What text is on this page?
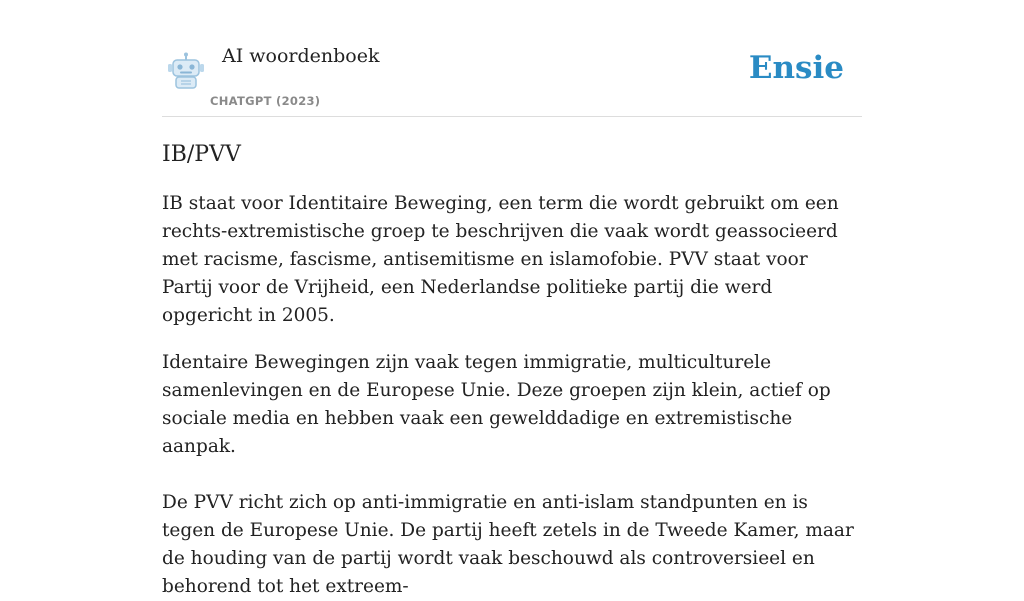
AI woordenboek
CHATGPT (2023)
Ensie
IB/PVV

IB staat voor Identitaire Beweging, een term die wordt gebruikt om een rechts-extremistische groep te beschrijven die vaak wordt geassocieerd met racisme, fascisme, antisemitisme en islamofobie. PVV staat voor Partij voor de Vrijheid, een Nederlandse politieke partij die werd opgericht in 2005.

Identaire Bewegingen zijn vaak tegen immigratie, multiculturele samenlevingen en de Europese Unie. Deze groepen zijn klein, actief op sociale media en hebben vaak een gewelddadige en extremistische aanpak.

De PVV richt zich op anti-immigratie en anti-islam standpunten en is tegen de Europese Unie. De partij heeft zetels in de Tweede Kamer, maar de houding van de partij wordt vaak beschouwd als controversieel en behorend tot het extreem-
